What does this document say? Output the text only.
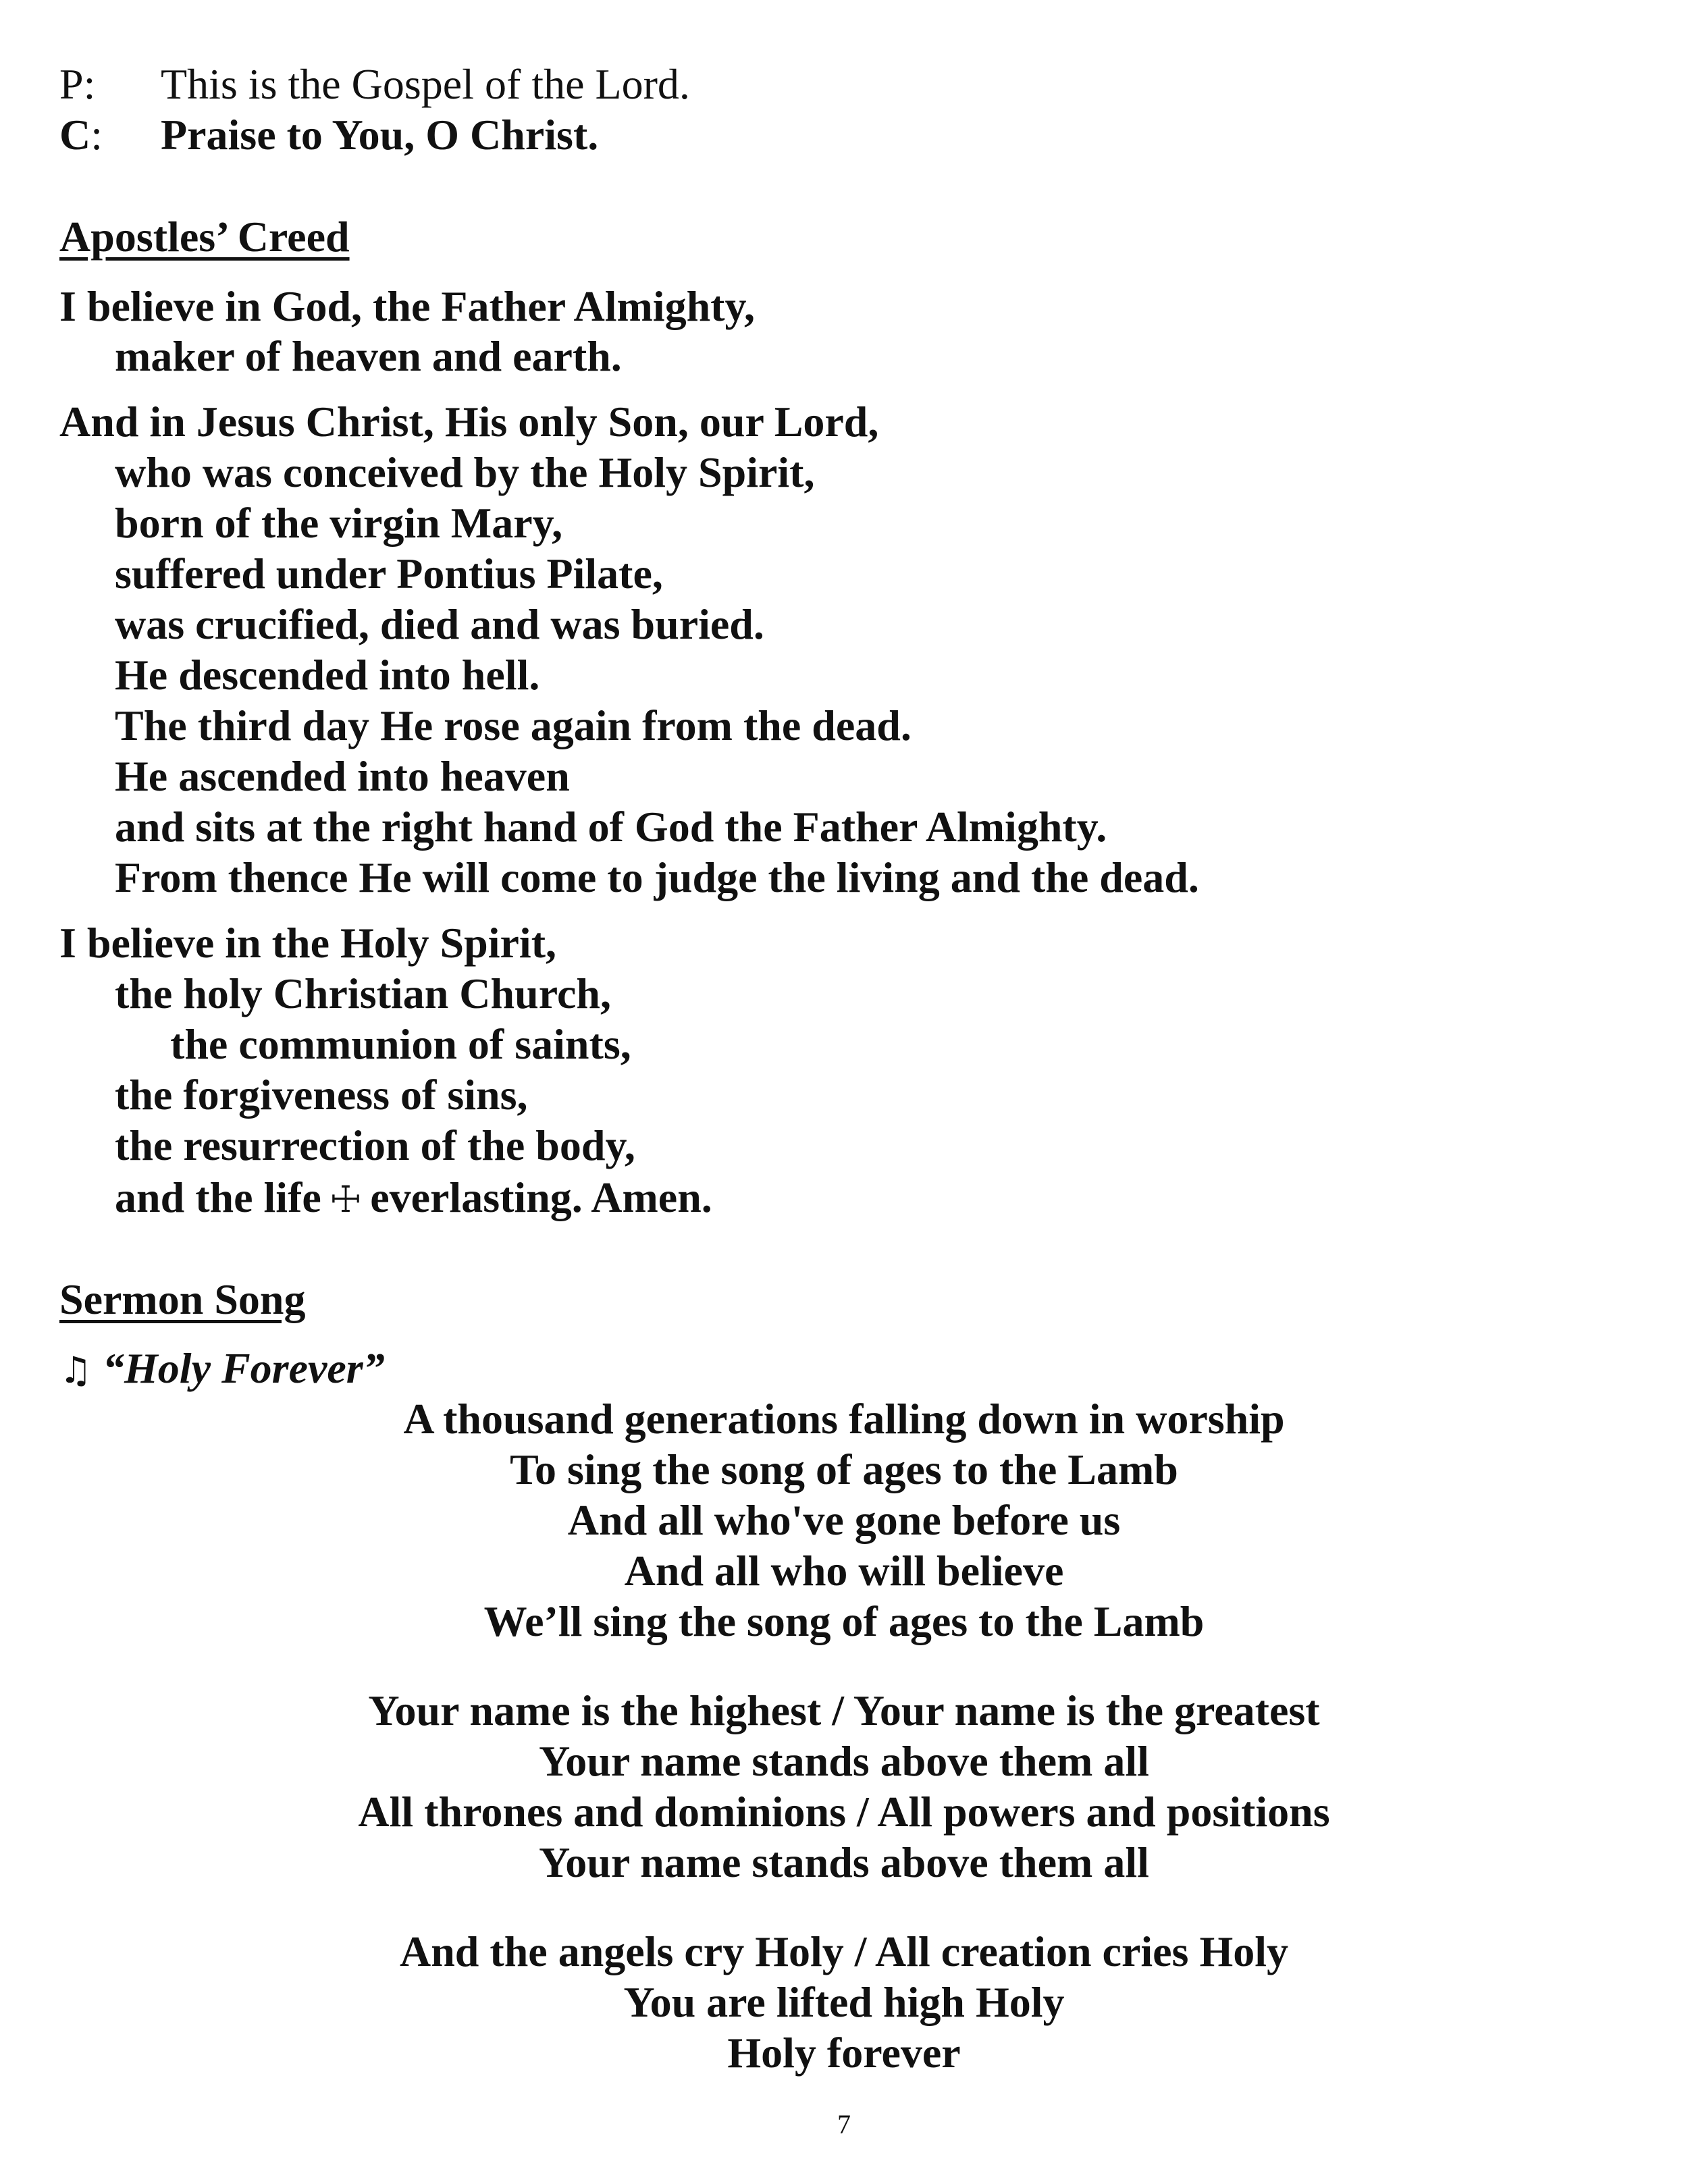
P: This is the Gospel of the Lord.
C: Praise to You, O Christ.
Apostles’ Creed
I believe in God, the Father Almighty,
maker of heaven and earth.
And in Jesus Christ, His only Son, our Lord,
who was conceived by the Holy Spirit,
born of the virgin Mary,
suffered under Pontius Pilate,
was crucified, died and was buried.
He descended into hell.
The third day He rose again from the dead.
He ascended into heaven
and sits at the right hand of God the Father Almighty.
From thence He will come to judge the living and the dead.
I believe in the Holy Spirit,
the holy Christian Church,
the communion of saints,
the forgiveness of sins,
the resurrection of the body,
and the life ☩ everlasting. Amen.
Sermon Song
♫ “Holy Forever”
A thousand generations falling down in worship
To sing the song of ages to the Lamb
And all who've gone before us
And all who will believe
We’ll sing the song of ages to the Lamb
Your name is the highest / Your name is the greatest
Your name stands above them all
All thrones and dominions / All powers and positions
Your name stands above them all
And the angels cry Holy / All creation cries Holy
You are lifted high Holy
Holy forever
7
